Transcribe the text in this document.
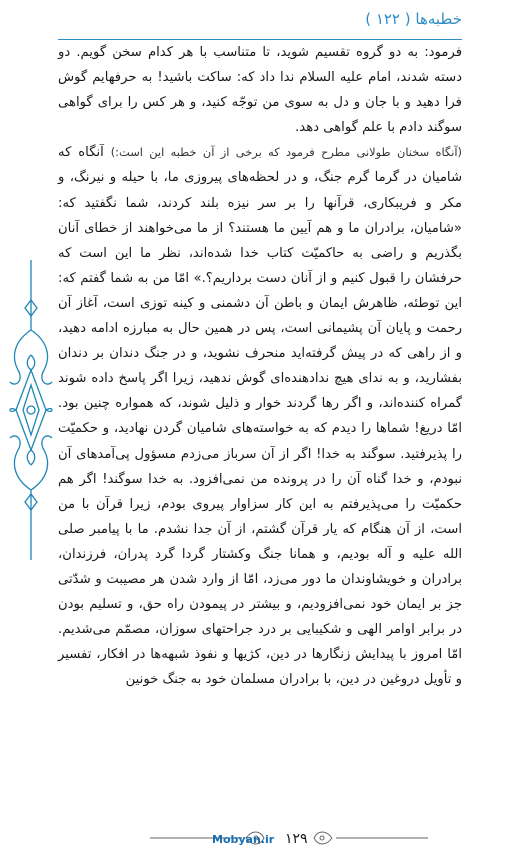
خطبه‌ها ( ۱۲۲ )

فرمود: به دو گروه تقسیم شوید، تا متناسب با هر کدام سخن گویم. دو دسته شدند، امام علیه السلام ندا داد که: ساکت باشید! به حرفهایم گوش فرا دهید و با جان و دل به سوی من توجّه کنید، و هر کس را برای گواهی سوگند دادم با علم گواهی دهد.

(آنگاه سخنان طولانی مطرح فرمود که برخی از آن خطبه این است:) آنگاه که شامیان در گرما گرم جنگ، و در لحظه‌های پیروزی ما، با حیله و نیرنگ، و مکر و فریبکاری، قرآنها را بر سر نیزه بلند کردند، شما نگفتید که: «شامیان، برادران ما و هم آیین ما هستند؟ از ما می‌خواهند از خطای آنان بگذریم و راضی به حاکمیّت کتاب خدا شده‌اند، نظر ما این است که حرفشان را قبول کنیم و از آنان دست برداریم؟.» امّا من به شما گفتم که: این توطئه، ظاهرش ایمان و باطن آن دشمنی و کینه توزی است، آغاز آن رحمت و پایان آن پشیمانی است، پس در همین حال به مبارزه ادامه دهید، و از راهی که در پیش گرفته‌اید منحرف نشوید، و در جنگ دندان بر دندان بفشارید، و به ندای هیچ ندادهنده‌ای گوش ندهید، زیرا اگر پاسخ داده شوند گمراه کننده‌اند، و اگر رها گردند خوار و ذلیل شوند، که همواره چنین بود. امّا دریغ! شماها را دیدم که به خواسته‌های شامیان گردن نهادید، و حکمیّت را پذیرفتید. سوگند به خدا! اگر از آن سرباز می‌زدم مسؤول پی‌آمدهای آن نبودم، و خدا گناه آن را در پرونده من نمی‌افزود. به خدا سوگند! اگر هم حکمیّت را می‌پذیرفتم به این کار سزاوار پیروی بودم، زیرا قرآن با من است، از آن هنگام که یار قرآن گشتم، از آن جدا نشدم. ما با پیامبر صلی الله علیه و آله بودیم، و همانا جنگ وکشتار گردا گرد پدران، فرزندان، برادران و خویشاوندان ما دور می‌زد، امّا از وارد شدن هر مصیبت و شدّتی جز بر ایمان خود نمی‌افزودیم، و بیشتر در پیمودن راه حق، و تسلیم بودن در برابر اوامر الهی و شکیبایی بر درد جراحتهای سوزان، مصمّم می‌شدیم. امّا امروز با پیدایش زنگارها در دین، کژیها و نفوذ شبهه‌ها در افکار، تفسیر و تأویل دروغین در دین، با برادران مسلمان خود به جنگ خونین

Mobyan.ir ۱۲۹
